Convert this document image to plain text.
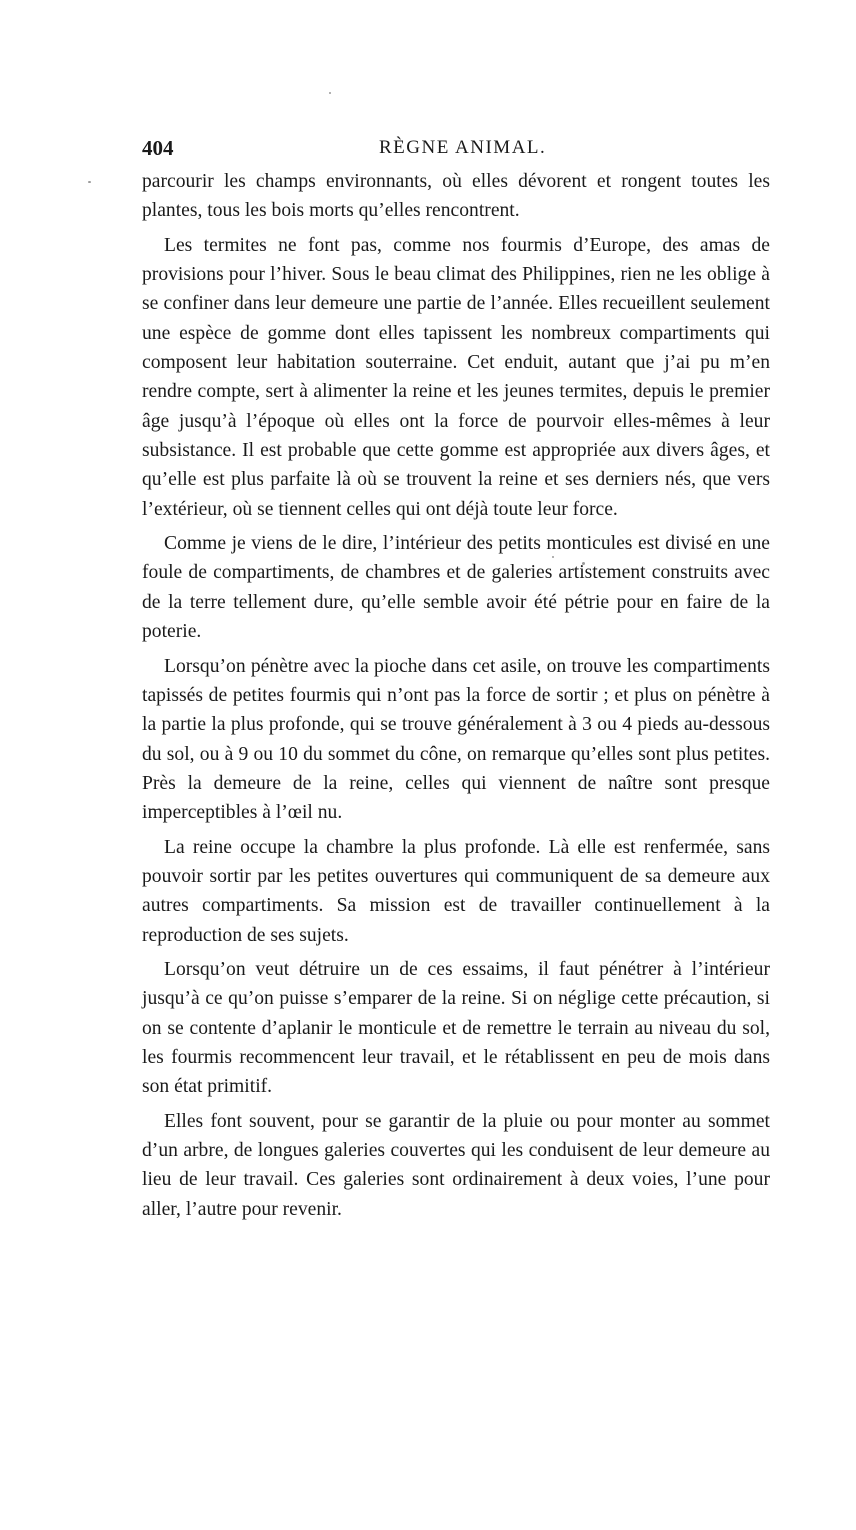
404	RÈGNE ANIMAL.

parcourir les champs environnants, où elles dévorent et rongent toutes les plantes, tous les bois morts qu’elles rencontrent.

Les termites ne font pas, comme nos fourmis d’Europe, des amas de provisions pour l’hiver. Sous le beau climat des Philippines, rien ne les oblige à se confiner dans leur demeure une partie de l’année. Elles recueillent seulement une espèce de gomme dont elles tapissent les nombreux compartiments qui composent leur habitation souterraine. Cet enduit, autant que j’ai pu m’en rendre compte, sert à alimenter la reine et les jeunes termites, depuis le premier âge jusqu’à l’époque où elles ont la force de pourvoir elles-mêmes à leur subsistance. Il est probable que cette gomme est appropriée aux divers âges, et qu’elle est plus parfaite là où se trouvent la reine et ses derniers nés, que vers l’extérieur, où se tiennent celles qui ont déjà toute leur force.

Comme je viens de le dire, l’intérieur des petits monticules est divisé en une foule de compartiments, de chambres et de galeries artistement construits avec de la terre tellement dure, qu’elle semble avoir été pétrie pour en faire de la poterie.

Lorsqu’on pénètre avec la pioche dans cet asile, on trouve les compartiments tapissés de petites fourmis qui n’ont pas la force de sortir ; et plus on pénètre à la partie la plus profonde, qui se trouve généralement à 3 ou 4 pieds au-dessous du sol, ou à 9 ou 10 du sommet du cône, on remarque qu’elles sont plus petites. Près la demeure de la reine, celles qui viennent de naître sont presque imperceptibles à l’œil nu.

La reine occupe la chambre la plus profonde. Là elle est renfermée, sans pouvoir sortir par les petites ouvertures qui communiquent de sa demeure aux autres compartiments. Sa mission est de travailler continuellement à la reproduction de ses sujets.

Lorsqu’on veut détruire un de ces essaims, il faut pénétrer à l’intérieur jusqu’à ce qu’on puisse s’emparer de la reine. Si on néglige cette précaution, si on se contente d’aplanir le monticule et de remettre le terrain au niveau du sol, les fourmis recommencent leur travail, et le rétablissent en peu de mois dans son état primitif.

Elles font souvent, pour se garantir de la pluie ou pour monter au sommet d’un arbre, de longues galeries couvertes qui les conduisent de leur demeure au lieu de leur travail. Ces galeries sont ordinairement à deux voies, l’une pour aller, l’autre pour revenir.
